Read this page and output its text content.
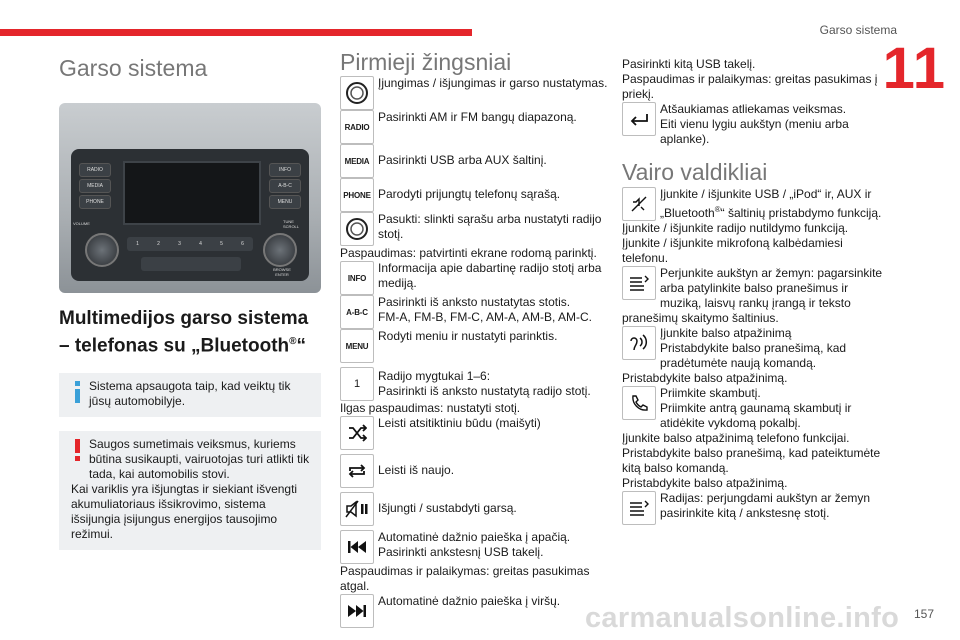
Garso sistema
11
Garso sistema
RADIO
MEDIA
PHONE
INFO
A-B-C
MENU
VOLUME
BROWSE ENTER
TUNE SCROLL
1	2	3	4	5	6
Multimedijos garso sistema – telefonas su „Bluetooth®“
Sistema apsaugota taip, kad veiktų tik jūsų automobilyje.
Saugos sumetimais veiksmus, kuriems būtina susikaupti, vairuotojas turi atlikti tik tada, kai automobilis stovi.
Kai variklis yra išjungtas ir siekiant išvengti akumuliatoriaus išsikrovimo, sistema išsijungia įsijungus energijos tausojimo režimui.
Pirmieji žingsniai
Įjungimas / išjungimas ir garso nustatymas.
RADIO
Pasirinkti AM ir FM bangų diapazoną.
MEDIA Pasirinkti USB arba AUX šaltinį.
PHONE Parodyti prijungtų telefonų sąrašą.
Pasukti: slinkti sąrašu arba nustatyti radijo stotį.
Paspaudimas: patvirtinti ekrane rodomą parinktį.
INFO
Informacija apie dabartinę radijo stotį arba mediją.
A-B-C
Pasirinkti iš anksto nustatytas stotis.
FM-A, FM-B, FM-C, AM-A, AM-B, AM-C.
MENU
Rodyti meniu ir nustatyti parinktis.
1
Radijo mygtukai 1–6:
Pasirinkti iš anksto nustatytą radijo stotį.
Ilgas paspaudimas: nustatyti stotį.
Leisti atsitiktiniu būdu (maišyti)
Leisti iš naujo.
Išjungti / sustabdyti garsą.
Automatinė dažnio paieška į apačią.
Pasirinkti ankstesnį USB takelį.
Paspaudimas ir palaikymas: greitas pasukimas atgal.
Automatinė dažnio paieška į viršų.
Pasirinkti kitą USB takelį.
Paspaudimas ir palaikymas: greitas pasukimas į priekį.
Atšaukiamas atliekamas veiksmas.
Eiti vienu lygiu aukštyn (meniu arba aplanke).
Vairo valdikliai
Įjunkite / išjunkite USB / „iPod“ ir, AUX ir „Bluetooth®“ šaltinių pristabdymo funkciją.
Įjunkite / išjunkite radijo nutildymo funkciją.
Įjunkite / išjunkite mikrofoną kalbėdamiesi telefonu.
Perjunkite aukštyn ar žemyn: pagarsinkite arba patylinkite balso pranešimus ir muziką, laisvų rankų įrangą ir teksto pranešimų skaitymo šaltinius.
Įjunkite balso atpažinimą
Pristabdykite balso pranešimą, kad pradėtumėte naują komandą.
Pristabdykite balso atpažinimą.
Priimkite skambutį.
Priimkite antrą gaunamą skambutį ir atidėkite vykdomą pokalbį.
Įjunkite balso atpažinimą telefono funkcijai.
Pristabdykite balso pranešimą, kad pateiktumėte kitą balso komandą.
Pristabdykite balso atpažinimą.
Radijas: perjungdami aukštyn ar žemyn pasirinkite kitą / ankstesnę stotį.
carmanualsonline.info 157
